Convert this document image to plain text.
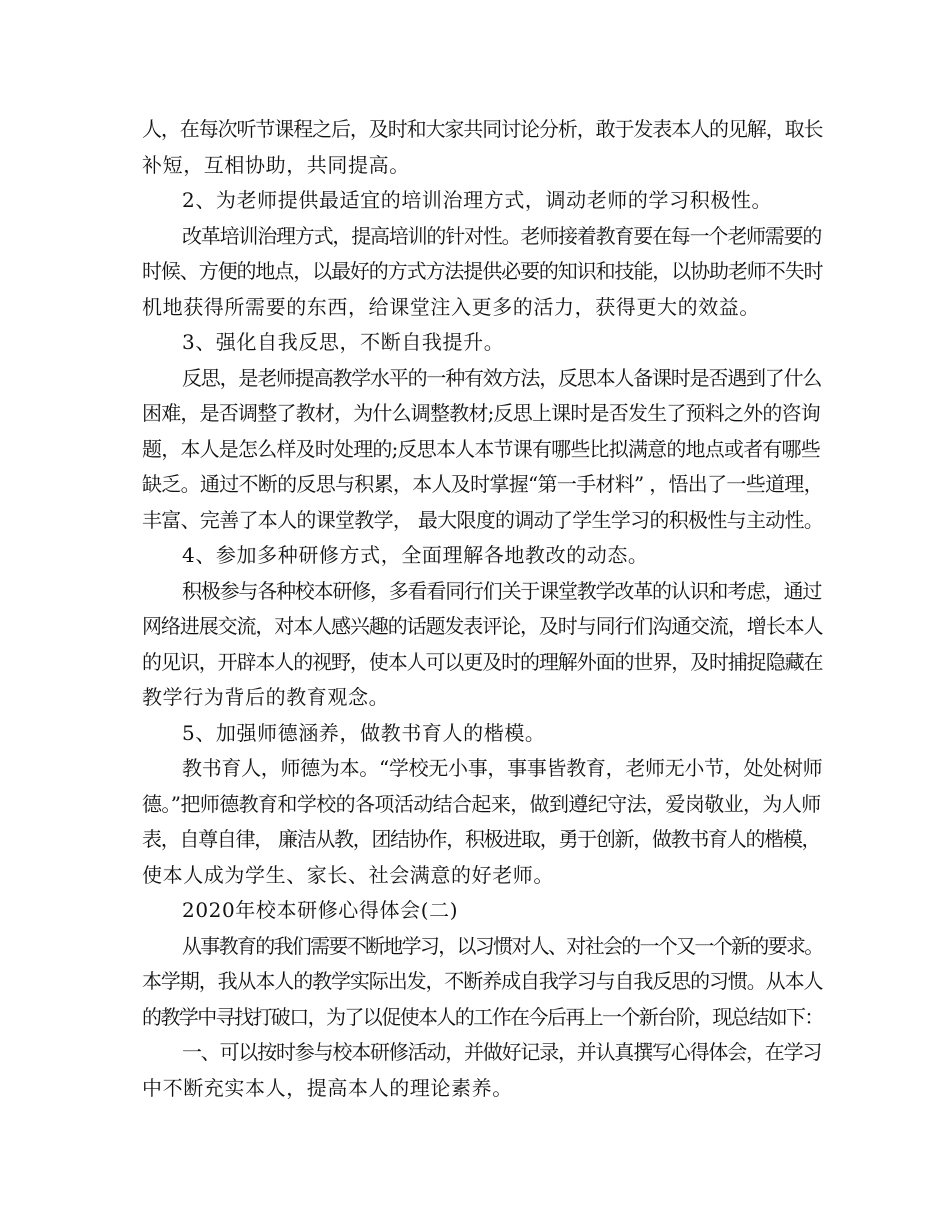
人，在每次听节课程之后，及时和大家共同讨论分析，敢于发表本人的见解，取长
补短，互相协助，共同提高。
2、为老师提供最适宜的培训治理方式，调动老师的学习积极性。
改革培训治理方式，提高培训的针对性。老师接着教育要在每一个老师需要的
时候、方便的地点，以最好的方式方法提供必要的知识和技能，以协助老师不失时
机地获得所需要的东西，给课堂注入更多的活力，获得更大的效益。
3、强化自我反思，不断自我提升。
反思，是老师提高教学水平的一种有效方法，反思本人备课时是否遇到了什么
困难，是否调整了教材，为什么调整教材;反思上课时是否发生了预料之外的咨询
题，本人是怎么样及时处理的;反思本人本节课有哪些比拟满意的地点或者有哪些
缺乏。通过不断的反思与积累，本人及时掌握“第一手材料” ，悟出了一些道理，
丰富、完善了本人的课堂教学， 最大限度的调动了学生学习的积极性与主动性。
4、参加多种研修方式，全面理解各地教改的动态。
积极参与各种校本研修，多看看同行们关于课堂教学改革的认识和考虑，通过
网络进展交流，对本人感兴趣的话题发表评论，及时与同行们沟通交流，增长本人
的见识，开辟本人的视野，使本人可以更及时的理解外面的世界，及时捕捉隐藏在
教学行为背后的教育观念。
5、加强师德涵养，做教书育人的楷模。
教书育人，师德为本。“学校无小事，事事皆教育，老师无小节，处处树师
德。”把师德教育和学校的各项活动结合起来，做到遵纪守法，爱岗敬业，为人师
表，自尊自律， 廉洁从教，团结协作，积极进取，勇于创新，做教书育人的楷模，
使本人成为学生、家长、社会满意的好老师。
2020年校本研修心得体会(二)
从事教育的我们需要不断地学习，以习惯对人、对社会的一个又一个新的要求。
本学期，我从本人的教学实际出发，不断养成自我学习与自我反思的习惯。从本人
的教学中寻找打破口，为了以促使本人的工作在今后再上一个新台阶，现总结如下：
一、可以按时参与校本研修活动，并做好记录，并认真撰写心得体会，在学习
中不断充实本人，提高本人的理论素养。
